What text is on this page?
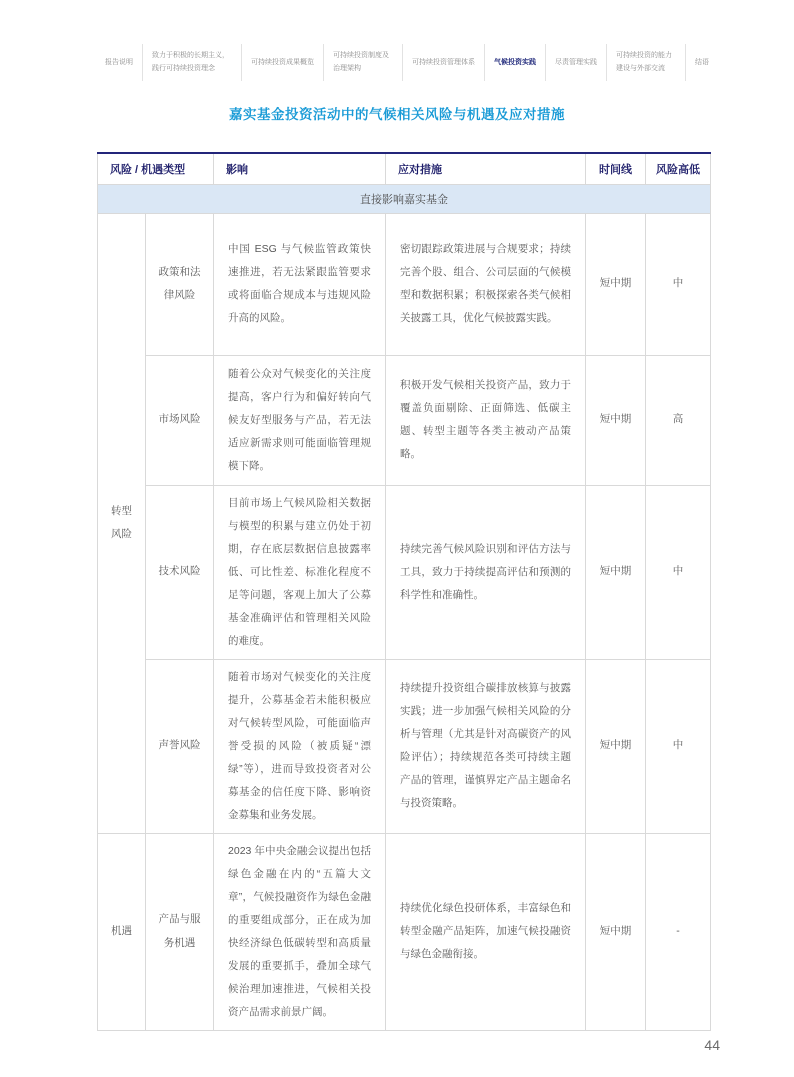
报告说明
致力于积极的长期主义，践行可持续投资理念
可持续投资成果概览
可持续投资制度及治理架构
可持续投资管理体系	气候投资实践	尽责管理实践
可持续投资的能力建设与外部交流
结语
嘉实基金投资活动中的气候相关风险与机遇及应对措施
风险 / 机遇类型		影响	应对措施	时间线	风险高低
直接影响嘉实基金					
转型风险	政策和法律风险	中国 ESG 与气候监管政策快速推进，若无法紧跟监管要求或将面临合规成本与违规风险升高的风险。	密切跟踪政策进展与合规要求；持续完善个股、组合、公司层面的气候模型和数据积累；积极探索各类气候相关披露工具，优化气候披露实践。	短中期	中
	市场风险	随着公众对气候变化的关注度提高，客户行为和偏好转向气候友好型服务与产品，若无法适应新需求则可能面临管理规模下降。	积极开发气候相关投资产品，致力于覆盖负面剔除、正面筛选、低碳主题、转型主题等各类主被动产品策略。	短中期	高
	技术风险	目前市场上气候风险相关数据与模型的积累与建立仍处于初期，存在底层数据信息披露率低、可比性差、标准化程度不足等问题，客观上加大了公募基金准确评估和管理相关风险的难度。	持续完善气候风险识别和评估方法与工具，致力于持续提高评估和预测的科学性和准确性。	短中期	中
	声誉风险	随着市场对气候变化的关注度提升，公募基金若未能积极应对气候转型风险，可能面临声誉受损的风险（被质疑“漂绿”等），进而导致投资者对公募基金的信任度下降、影响资金募集和业务发展。	持续提升投资组合碳排放核算与披露实践；进一步加强气候相关风险的分析与管理（尤其是针对高碳资产的风险评估）；持续规范各类可持续主题产品的管理，谨慎界定产品主题命名与投资策略。	短中期	中
机遇	产品与服务机遇	2023 年中央金融会议提出包括绿色金融在内的“五篇大文章”，气候投融资作为绿色金融的重要组成部分，正在成为加快经济绿色低碳转型和高质量发展的重要抓手，叠加全球气候治理加速推进，气候相关投资产品需求前景广阔。	持续优化绿色投研体系，丰富绿色和转型金融产品矩阵，加速气候投融资与绿色金融衔接。	短中期	-
44
